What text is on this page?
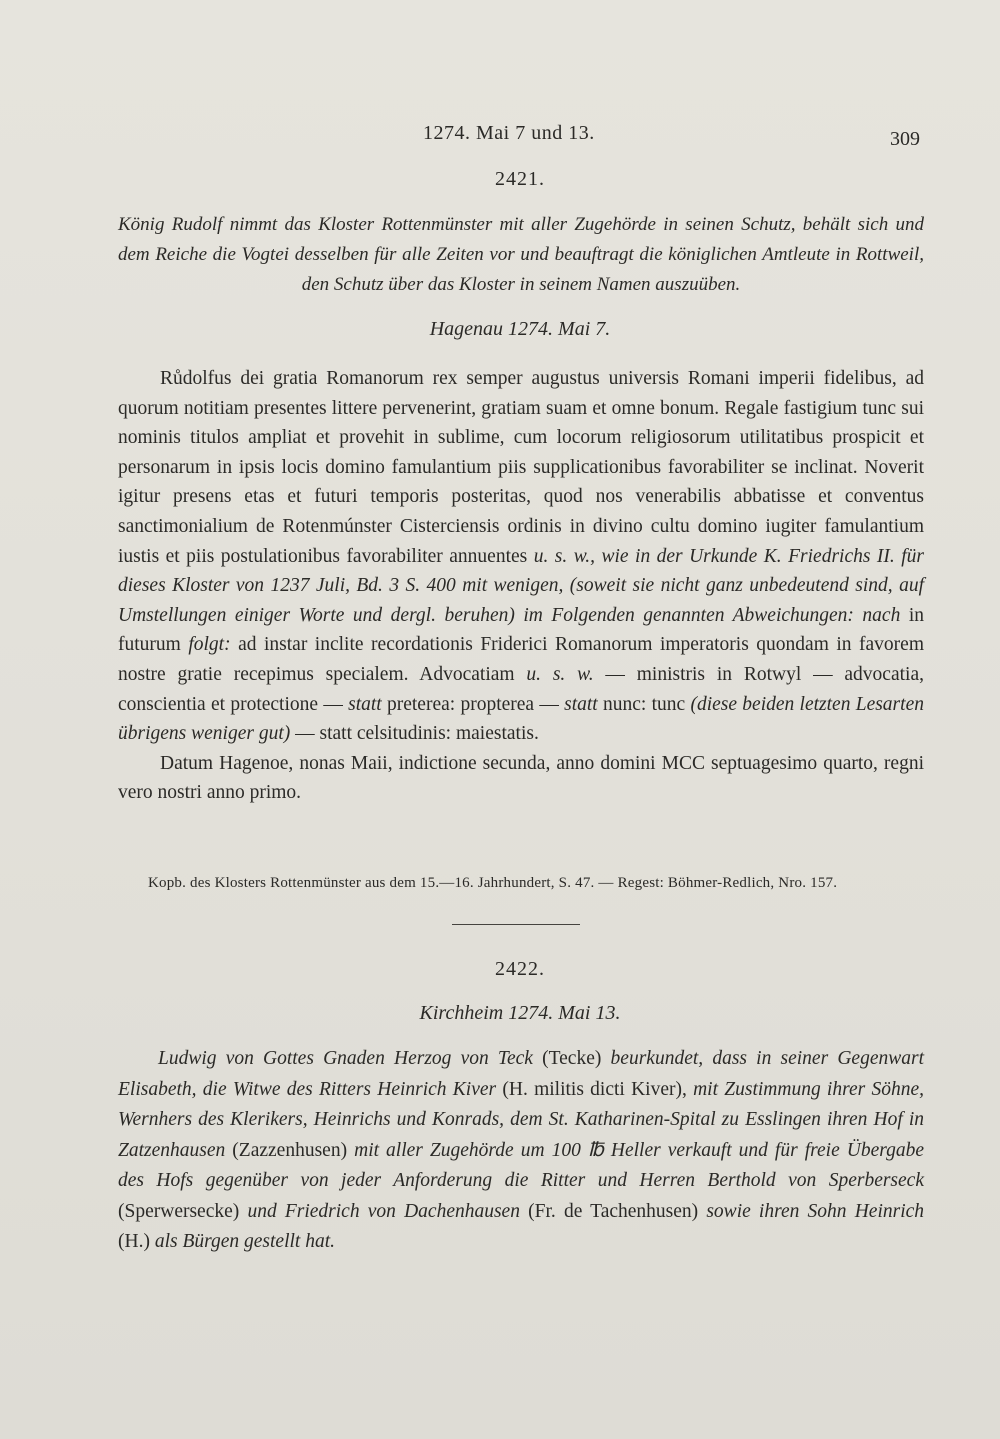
1274. Mai 7 und 13.	309
2421.
König Rudolf nimmt das Kloster Rottenmünster mit aller Zugehörde in seinen Schutz, behält sich und dem Reiche die Vogtei desselben für alle Zeiten vor und beauftragt die königlichen Amtleute in Rottweil, den Schutz über das Kloster in seinem Namen auszuüben.
Hagenau 1274. Mai 7.

Růdolfus dei gratia Romanorum rex semper augustus universis Romani imperii fidelibus, ad quorum notitiam presentes littere pervenerint, gratiam suam et omne bonum. Regale fastigium tunc sui nominis titulos ampliat et provehit in sublime, cum locorum religiosorum utilitatibus prospicit et personarum in ipsis locis domino famulantium piis supplicationibus favorabiliter se inclinat. Noverit igitur presens etas et futuri temporis posteritas, quod nos venerabilis abbatisse et conventus sanctimonialium de Rotenmúnster Cisterciensis ordinis in divino cultu domino iugiter famulantium iustis et piis postulationibus favorabiliter annuentes u. s. w., wie in der Urkunde K. Friedrichs II. für dieses Kloster von 1237 Juli, Bd. 3 S. 400 mit wenigen, (soweit sie nicht ganz unbedeutend sind, auf Umstellungen einiger Worte und dergl. beruhen) im Folgenden genannten Abweichungen: nach in futurum folgt: ad instar inclite recordationis Friderici Romanorum imperatoris quondam in favorem nostre gratie recepimus specialem. Advocatiam u. s. w. — ministris in Rotwyl — advocatia, conscientia et protectione — statt preterea: propterea — statt nunc: tunc (diese beiden letzten Lesarten übrigens weniger gut) — statt celsitudinis: maiestatis.

Datum Hagenoe, nonas Maii, indictione secunda, anno domini MCC septuagesimo quarto, regni vero nostri anno primo.

Kopb. des Klosters Rottenmünster aus dem 15.—16. Jahrhundert, S. 47. — Regest: Böhmer-Redlich, Nro. 157.
2422.
Kirchheim 1274. Mai 13.

Ludwig von Gottes Gnaden Herzog von Teck (Tecke) beurkundet, dass in seiner Gegenwart Elisabeth, die Witwe des Ritters Heinrich Kiver (H. militis dicti Kiver), mit Zustimmung ihrer Söhne, Wernhers des Klerikers, Heinrichs und Konrads, dem St. Katharinen-Spital zu Esslingen ihren Hof in Zatzenhausen (Zazzenhusen) mit aller Zugehörde um 100 ℔ Heller verkauft und für freie Übergabe des Hofs gegenüber von jeder Anforderung die Ritter und Herren Berthold von Sperberseck (Sperwersecke) und Friedrich von Dachenhausen (Fr. de Tachenhusen) sowie ihren Sohn Heinrich (H.) als Bürgen gestellt hat.
